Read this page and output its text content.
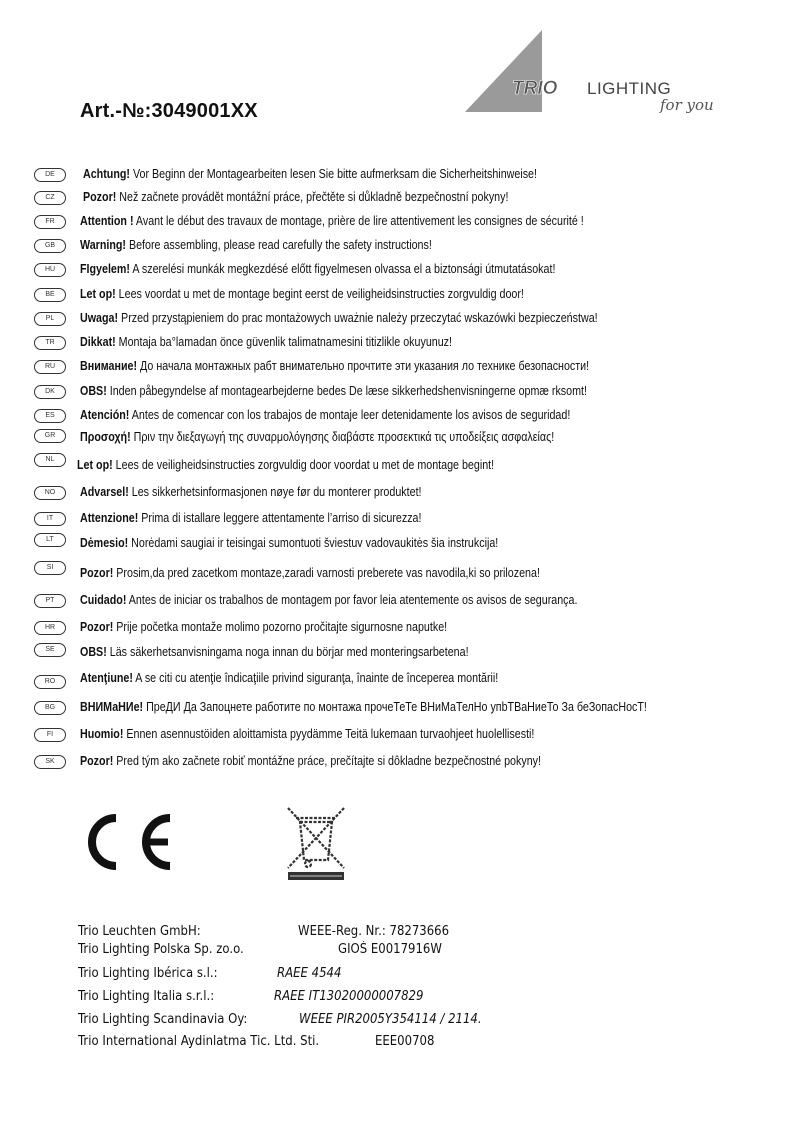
Art.-№:3049001XX
TRIO LIGHTING
for you
DE	Achtung! Vor Beginn der Montagearbeiten lesen Sie bitte aufmerksam die Sicherheitshinweise!
CZ	Pozor! Než začnete provádět montážní práce, přečtěte si důkladně bezpečnostní pokyny!
FR	Attention ! Avant le début des travaux de montage, prière de lire attentivement les consignes de sécurité !
GB	Warning! Before assembling, please read carefully the safety instructions!
HU	FIgyelem! A szerelési munkák megkezdésé előtt figyelmesen olvassa el a biztonsági útmutatásokat!
BE	Let op! Lees voordat u met de montage begint eerst de veiligheidsinstructies zorgvuldig door!
PL	Uwaga! Przed przystąpieniem do prac montażowych uważnie należy przeczytać wskazówki bezpieczeństwa!
TR	Dikkat! Montaja ba°lamadan önce güvenlik talimatnamesini titizlikle okuyunuz!
RU	Внимание! До начала монтажных рабт внимательно прочтите эти указания ло технике безопасности!
DK	OBS! Inden påbegyndelse af montagearbejderne bedes De læse sikkerhedshenvisningerne opmæ rksomt!
ES	Atención! Antes de comencar con los trabajos de montaje leer detenidamente los avisos de seguridad!
GR	Προσοχή! Πριν την διεξαγωγή της συναρμολόγησης διαβάστε προσεκτικά τις υποδείξεις ασφαλείας!
NL	Let op! Lees de veiligheidsinstructies zorgvuldig door voordat u met de montage begint!
NO	Advarsel! Les sikkerhetsinformasjonen nøye før du monterer produktet!
IT	Attenzione! Prima di istallare leggere attentamente l’arriso di sicurezza!
LT	Dėmesio! Norėdami saugiai ir teisingai sumontuoti šviestuv vadovaukitės šia instrukcija!
SI	Pozor! Prosim,da pred zacetkom montaze,zaradi varnosti preberete vas navodila,ki so prilozena!
PT	Cuidado! Antes de iniciar os trabalhos de montagem por favor leia atentemente os avisos de segurança.
HR	Pozor! Prije početka montaže molimo pozorno pročitajte sigurnosne naputke!
SE	OBS! Läs säkerhetsanvisningama noga innan du börjar med monteringsarbetena!
RO	Atenţiune! A se citi cu atenţie îndicaţiile privind siguranţa, înainte de începerea montării!
BG	ВНИМаНИе! ПреДИ Да Запоцнете работите по монтажа прочеТеТе ВНиМаТелНо упbТВаНиеТо За беЗопасНосТ!
FI	Huomio! Ennen asennustöiden aloittamista pyydämme Teitä lukemaan turvaohjeet huolellisesti!
SK	Pozor! Pred tým ako začnete robiť montážne práce, prečítajte si dôkladne bezpečnostné pokyny!
Trio Leuchten GmbH:	WEEE-Reg. Nr.: 78273666
Trio Lighting Polska Sp. zo.o.	GIOŚ E0017916W
Trio Lighting Ibérica s.l.:	RAEE 4544
Trio Lighting Italia s.r.l.:	RAEE IT13020000007829
Trio Lighting Scandinavia Oy:	WEEE PIR2005Y354114 / 2114.
Trio International Aydinlatma Tic. Ltd. Sti.	EEE00708
